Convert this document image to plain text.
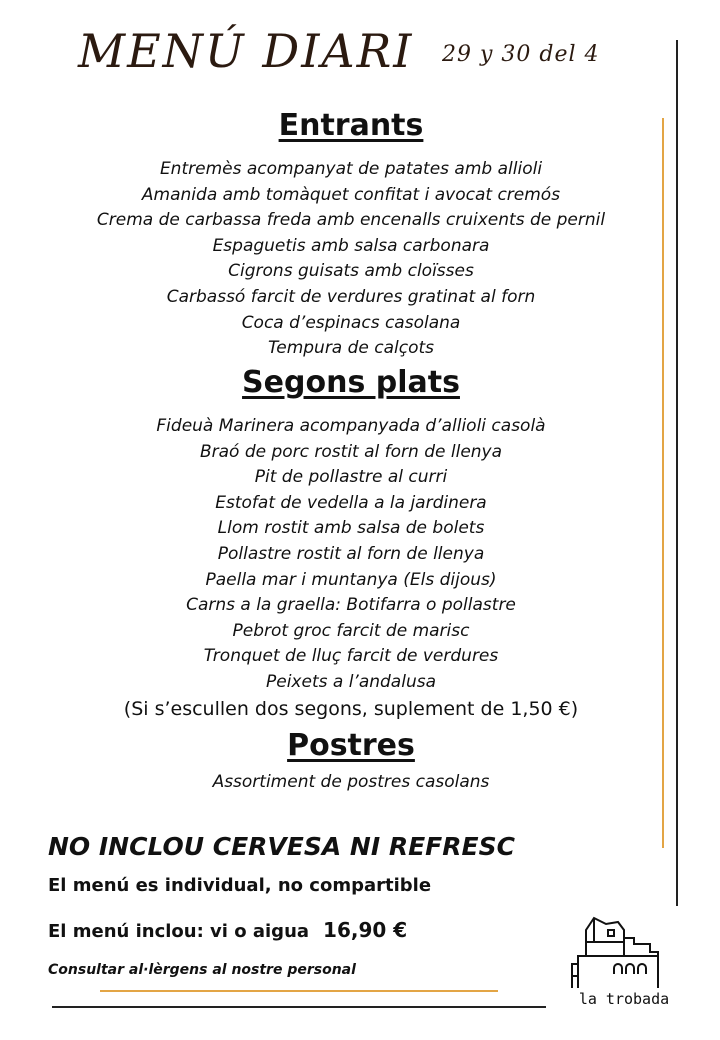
MENÚ DIARI 29 y 30 del 4
Entrants
Entremès acompanyat de patates amb allioli
Amanida amb tomàquet confitat i avocat cremós
Crema de carbassa freda amb encenalls cruixents de pernil
Espaguetis amb salsa carbonara
Cigrons guisats amb cloïsses
Carbassó farcit de verdures gratinat al forn
Coca d’espinacs casolana
Tempura de calçots
Segons plats
Fideuà Marinera acompanyada d’allioli casolà
Braó de porc rostit al forn de llenya
Pit de pollastre al curri
Estofat de vedella a la jardinera
Llom rostit amb salsa de bolets
Pollastre rostit al forn de llenya
Paella mar i muntanya (Els dijous)
Carns a la graella: Botifarra o pollastre
Pebrot groc farcit de marisc
Tronquet de lluç farcit de verdures
Peixets a l’andalusa
(Si s’escullen dos segons, suplement de 1,50 €)
Postres
Assortiment de postres casolans
NO INCLOU CERVESA NI REFRESC
El menú es individual, no compartible
El menú inclou: vi o aigua 16,90 €
Consultar al·lèrgens al nostre personal
la trobada
